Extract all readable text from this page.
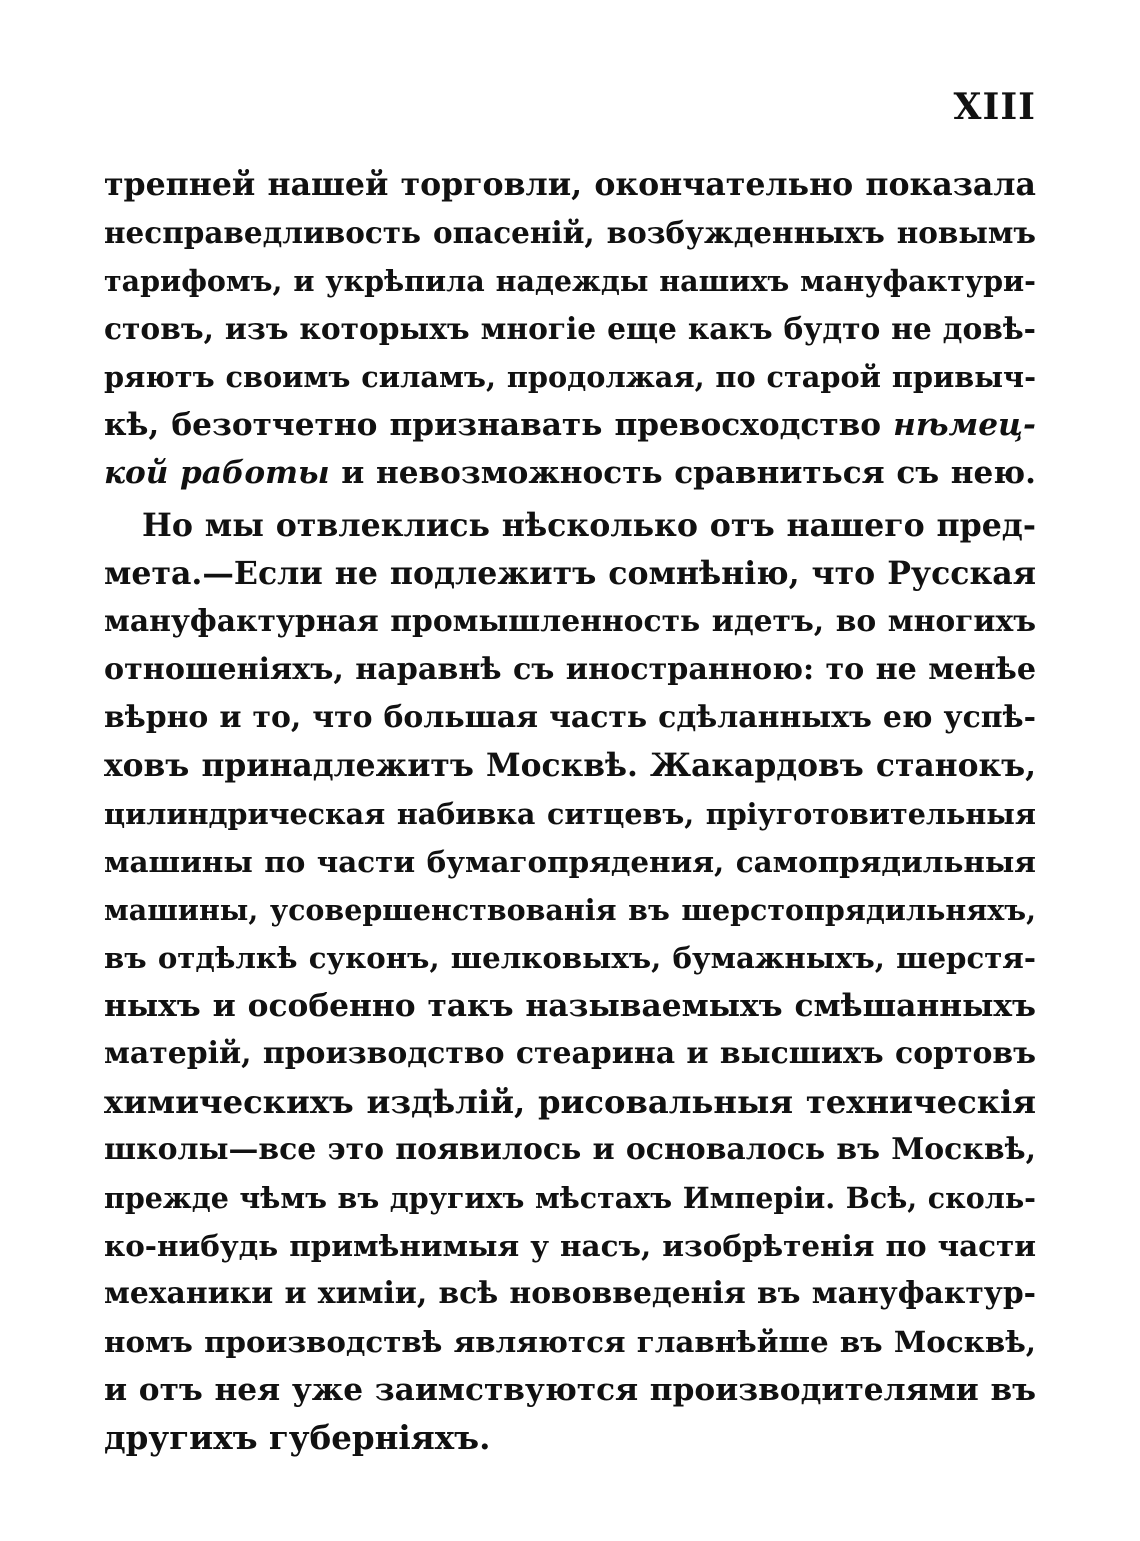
XIII
трепней нашей торговли, окончательно показала
несправедливость опасеній, возбужденныхъ новымъ
тарифомъ, и укрѣпила надежды нашихъ мануфактури-
стовъ, изъ которыхъ многіе еще какъ будто не довѣ-
ряютъ своимъ силамъ, продолжая, по старой привыч-
кѣ, безотчетно признавать превосходство нѣмец-
кой работы и невозможность сравниться съ нею.
Но мы отвлеклись нѣсколько отъ нашего пред-
мета.—Если не подлежитъ сомнѣнію, что Русская
мануфактурная промышленность идетъ, во многихъ
отношеніяхъ, наравнѣ съ иностранною: то не менѣе
вѣрно и то, что большая часть сдѣланныхъ ею успѣ-
ховъ принадлежитъ Москвѣ. Жакардовъ станокъ,
цилиндрическая набивка ситцевъ, пріуготовительныя
машины по части бумагопрядения, самопрядильныя
машины, усовершенствованія въ шерстопрядильняхъ,
въ отдѣлкѣ суконъ, шелковыхъ, бумажныхъ, шерстя-
ныхъ и особенно такъ называемыхъ смѣшанныхъ
матерій, производство стеарина и высшихъ сортовъ
химическихъ издѣлій, рисовальныя техническія
школы—все это появилось и основалось въ Москвѣ,
прежде чѣмъ въ другихъ мѣстахъ Имперіи. Всѣ, сколь-
ко-нибудь примѣнимыя у насъ, изобрѣтенія по части
механики и химіи, всѣ нововведенія въ мануфактур-
номъ производствѣ являются главнѣйше въ Москвѣ,
и отъ нея уже заимствуются производителями въ
другихъ губерніяхъ.
